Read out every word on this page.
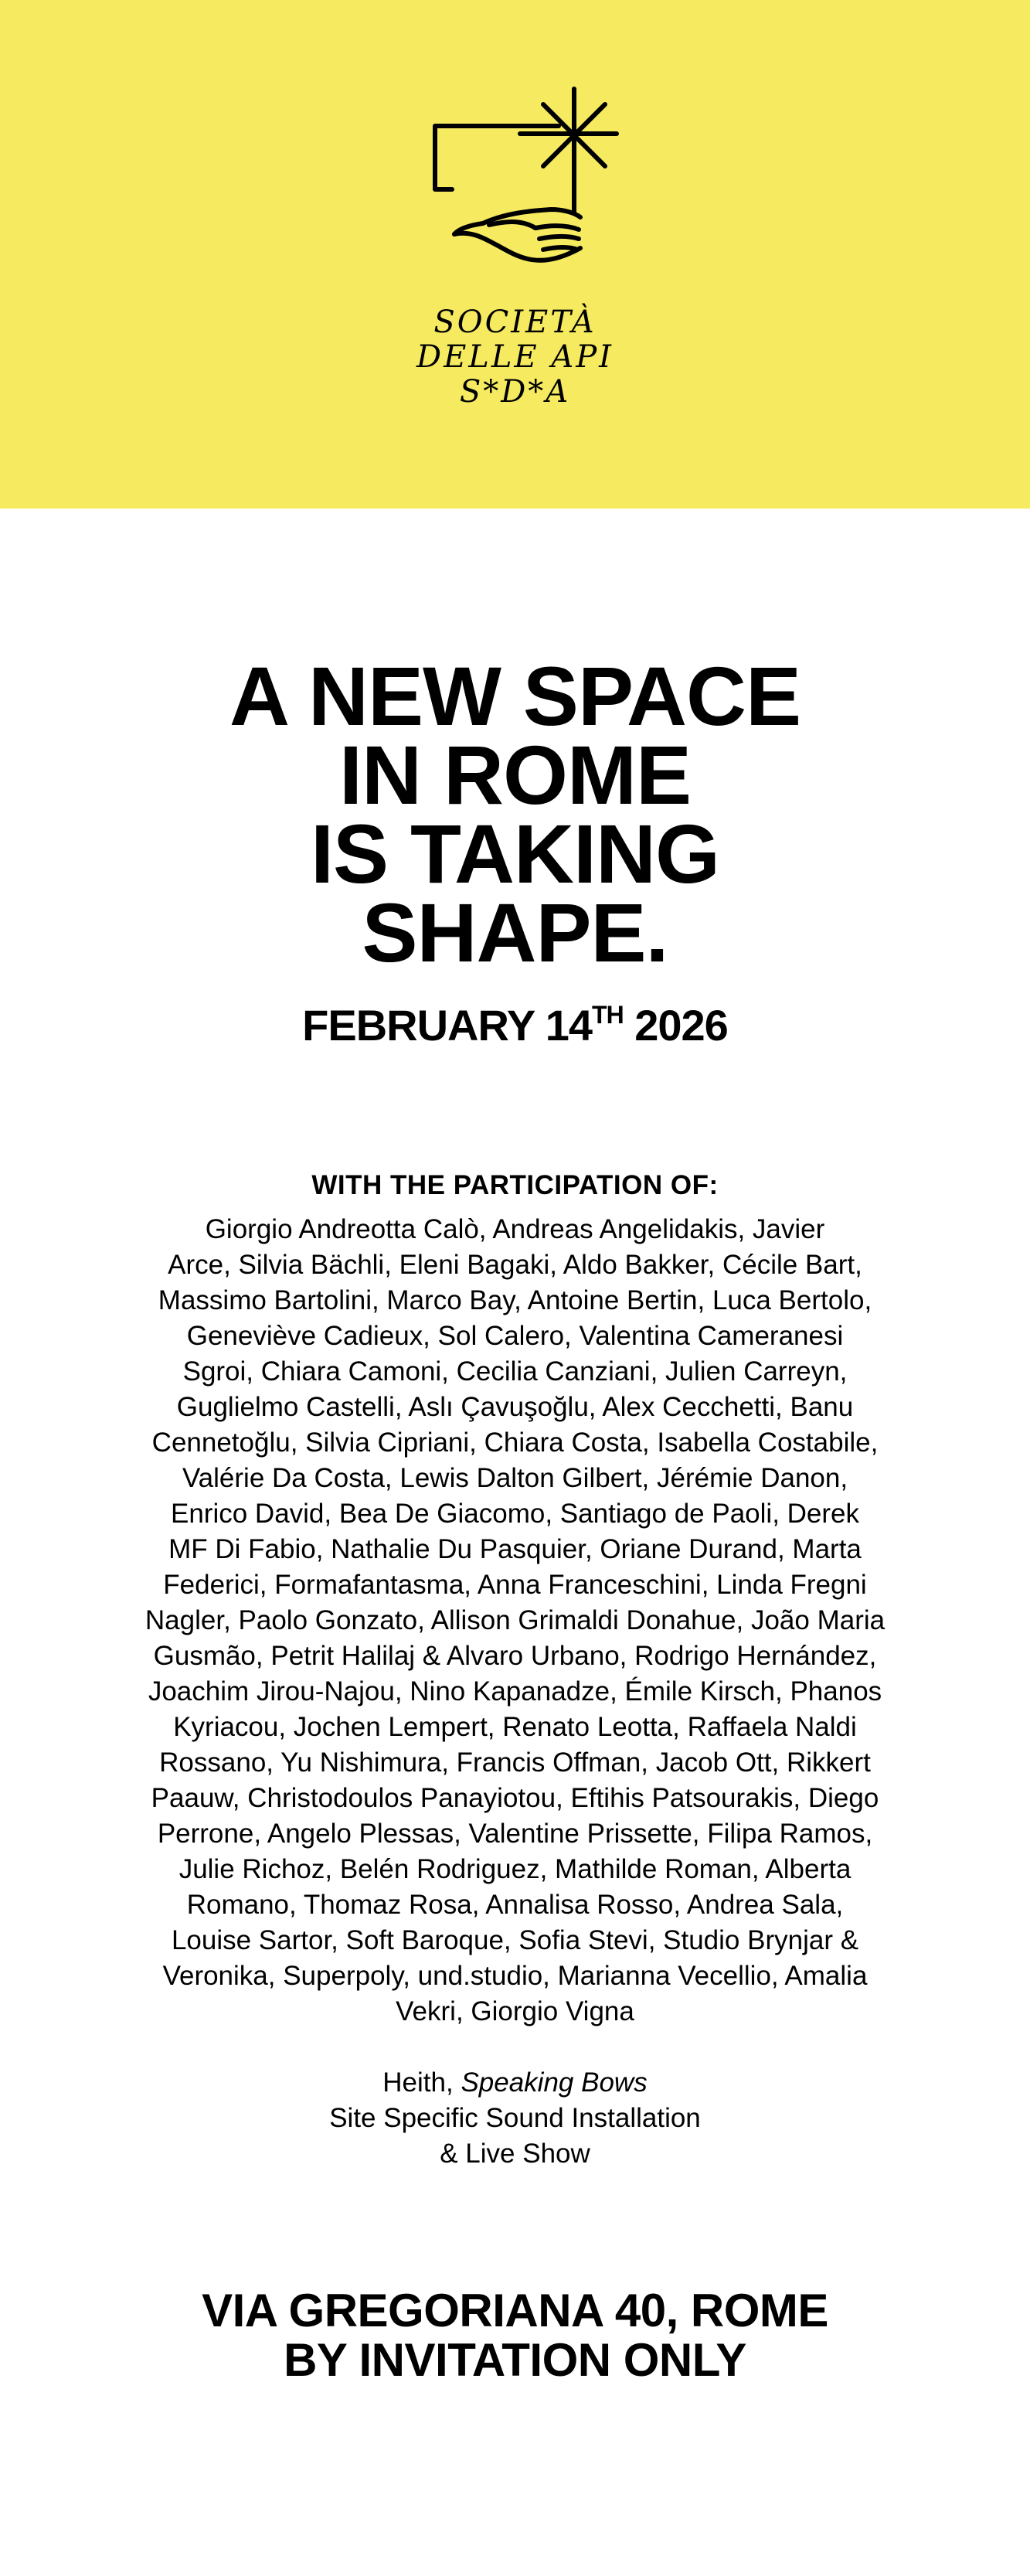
SOCIETÀ
DELLE API
S*D*A
A NEW SPACE
IN ROME
IS TAKING
SHAPE.
FEBRUARY 14TH 2026
WITH THE PARTICIPATION OF:
Giorgio Andreotta Calò, Andreas Angelidakis, Javier
Arce, Silvia Bächli, Eleni Bagaki, Aldo Bakker, Cécile Bart,
Massimo Bartolini, Marco Bay, Antoine Bertin, Luca Bertolo,
Geneviève Cadieux, Sol Calero, Valentina Cameranesi
Sgroi, Chiara Camoni, Cecilia Canziani, Julien Carreyn,
Guglielmo Castelli, Aslı Çavuşoğlu, Alex Cecchetti, Banu
Cennetoğlu, Silvia Cipriani, Chiara Costa, Isabella Costabile,
Valérie Da Costa, Lewis Dalton Gilbert, Jérémie Danon,
Enrico David, Bea De Giacomo, Santiago de Paoli, Derek
MF Di Fabio, Nathalie Du Pasquier, Oriane Durand, Marta
Federici, Formafantasma, Anna Franceschini, Linda Fregni
Nagler, Paolo Gonzato, Allison Grimaldi Donahue, João Maria
Gusmão, Petrit Halilaj & Alvaro Urbano, Rodrigo Hernández,
Joachim Jirou-Najou, Nino Kapanadze, Émile Kirsch, Phanos
Kyriacou, Jochen Lempert, Renato Leotta, Raffaela Naldi
Rossano, Yu Nishimura, Francis Offman, Jacob Ott, Rikkert
Paauw, Christodoulos Panayiotou, Eftihis Patsourakis, Diego
Perrone, Angelo Plessas, Valentine Prissette, Filipa Ramos,
Julie Richoz, Belén Rodriguez, Mathilde Roman, Alberta
Romano, Thomaz Rosa, Annalisa Rosso, Andrea Sala,
Louise Sartor, Soft Baroque, Sofia Stevi, Studio Brynjar &
Veronika, Superpoly, und.studio, Marianna Vecellio, Amalia
Vekri, Giorgio Vigna
Heith, Speaking Bows
Site Specific Sound Installation
& Live Show
VIA GREGORIANA 40, ROME
BY INVITATION ONLY
